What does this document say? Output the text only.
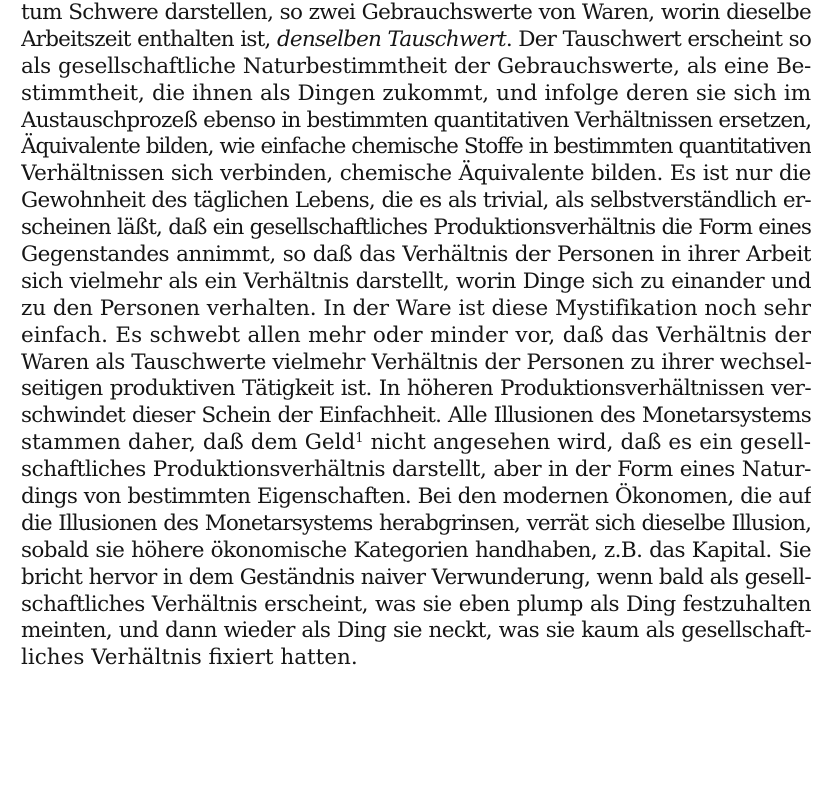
tum Schwere darstellen, so zwei Gebrauchswerte von Waren, worin dieselbe
Arbeitszeit enthalten ist, denselben Tauschwert. Der Tauschwert erscheint so
als gesellschaftliche Naturbestimmtheit der Gebrauchswerte, als eine Be-
stimmtheit, die ihnen als Dingen zukommt, und infolge deren sie sich im
Austauschprozeß ebenso in bestimmten quantitativen Verhältnissen ersetzen,
Äquivalente bilden, wie einfache chemische Stoffe in bestimmten quantitativen
Verhältnissen sich verbinden, chemische Äquivalente bilden. Es ist nur die
Gewohnheit des täglichen Lebens, die es als trivial, als selbstverständlich er-
scheinen läßt, daß ein gesellschaftliches Produktionsverhältnis die Form eines
Gegenstandes annimmt, so daß das Verhältnis der Personen in ihrer Arbeit
sich vielmehr als ein Verhältnis darstellt, worin Dinge sich zu einander und
zu den Personen verhalten. In der Ware ist diese Mystifikation noch sehr
einfach. Es schwebt allen mehr oder minder vor, daß das Verhältnis der
Waren als Tauschwerte vielmehr Verhältnis der Personen zu ihrer wechsel-
seitigen produktiven Tätigkeit ist. In höheren Produktionsverhältnissen ver-
schwindet dieser Schein der Einfachheit. Alle Illusionen des Monetarsystems
stammen daher, daß dem Geld$^1$ nicht angesehen wird, daß es ein gesell-
schaftliches Produktionsverhältnis darstellt, aber in der Form eines Natur-
dings von bestimmten Eigenschaften. Bei den modernen Ökonomen, die auf
die Illusionen des Monetarsystems herabgrinsen, verrät sich dieselbe Illusion,
sobald sie höhere ökonomische Kategorien handhaben, z.B. das Kapital. Sie
bricht hervor in dem Geständnis naiver Verwunderung, wenn bald als gesell-
schaftliches Verhältnis erscheint, was sie eben plump als Ding festzuhalten
meinten, und dann wieder als Ding sie neckt, was sie kaum als gesellschaft-
liches Verhältnis fixiert hatten.
